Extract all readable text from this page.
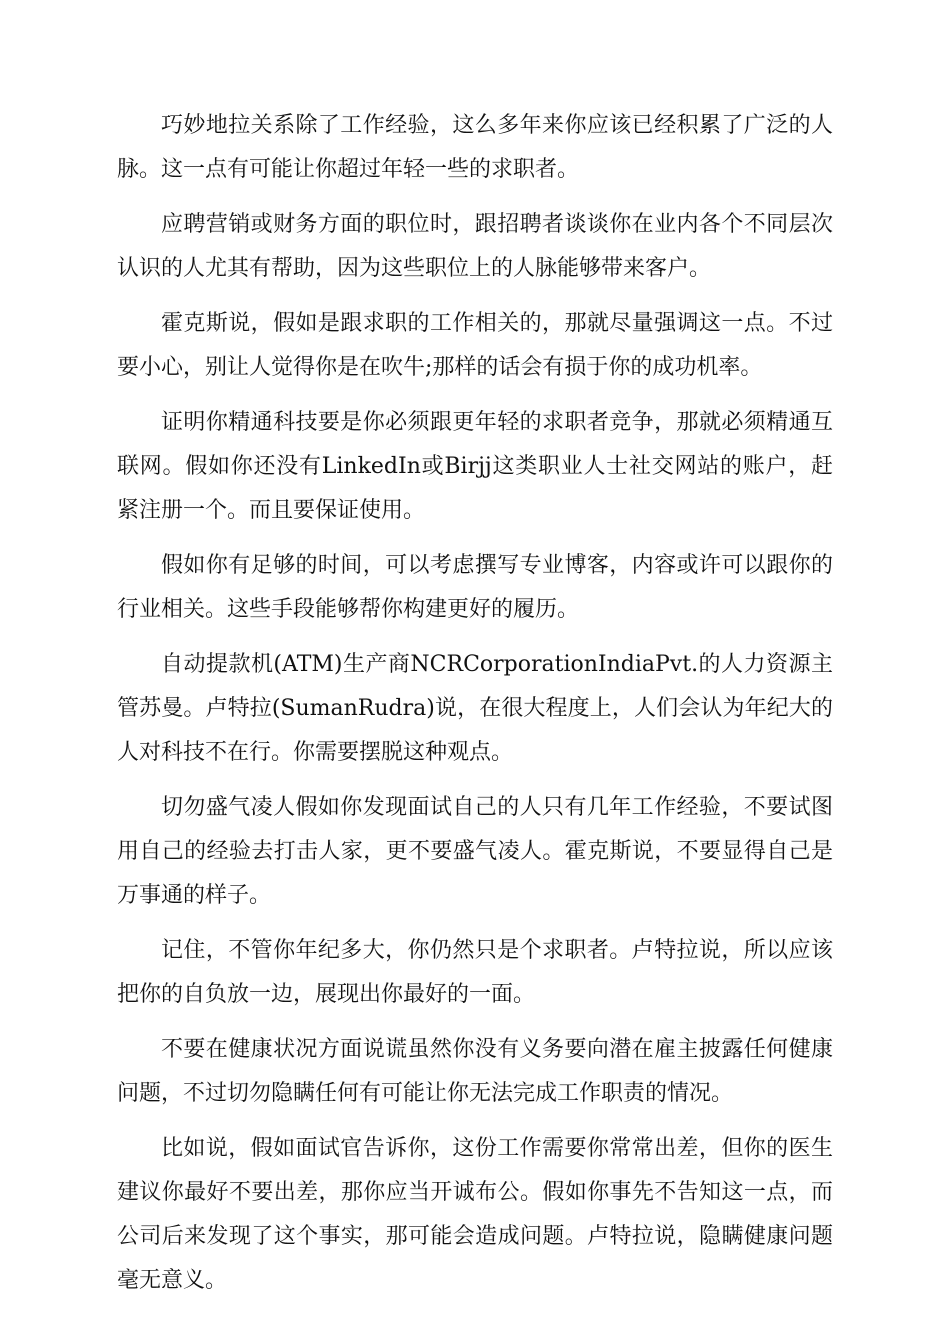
巧妙地拉关系除了工作经验，这么多年来你应该已经积累了广泛的人脉。这一点有可能让你超过年轻一些的求职者。

应聘营销或财务方面的职位时，跟招聘者谈谈你在业内各个不同层次认识的人尤其有帮助，因为这些职位上的人脉能够带来客户。

霍克斯说，假如是跟求职的工作相关的，那就尽量强调这一点。不过要小心，别让人觉得你是在吹牛;那样的话会有损于你的成功机率。

证明你精通科技要是你必须跟更年轻的求职者竞争，那就必须精通互联网。假如你还没有LinkedIn或Birjj这类职业人士社交网站的账户，赶紧注册一个。而且要保证使用。

假如你有足够的时间，可以考虑撰写专业博客，内容或许可以跟你的行业相关。这些手段能够帮你构建更好的履历。

自动提款机(ATM)生产商NCRCorporationIndiaPvt.的人力资源主管苏曼。卢特拉(SumanRudra)说，在很大程度上，人们会认为年纪大的人对科技不在行。你需要摆脱这种观点。

切勿盛气凌人假如你发现面试自己的人只有几年工作经验，不要试图用自己的经验去打击人家，更不要盛气凌人。霍克斯说，不要显得自己是万事通的样子。

记住，不管你年纪多大，你仍然只是个求职者。卢特拉说，所以应该把你的自负放一边，展现出你最好的一面。

不要在健康状况方面说谎虽然你没有义务要向潜在雇主披露任何健康问题，不过切勿隐瞒任何有可能让你无法完成工作职责的情况。

比如说，假如面试官告诉你，这份工作需要你常常出差，但你的医生建议你最好不要出差，那你应当开诚布公。假如你事先不告知这一点，而公司后来发现了这个事实，那可能会造成问题。卢特拉说，隐瞒健康问题毫无意义。
